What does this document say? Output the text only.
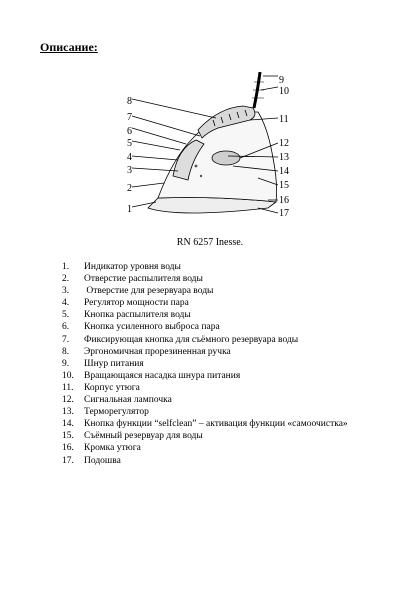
Описание:
1
2
3
4
5
6
7
8
9
10
11
12
13
14
15
16
17
RN 6257 Inesse.
1.	Индикатор уровня воды
2.	Отверстие распылителя воды
3.	Отверстие для резервуара воды
4.	Регулятор мощности пара
5.	Кнопка распылителя воды
6.	Кнопка усиленного выброса пара
7.	Фиксирующая кнопка для съёмного резервуара воды
8.	Эргономичная прорезиненная ручка
9.	Шнур питания
10.	Вращающаяся насадка шнура питания
11.	Корпус утюга
12.	Сигнальная лампочка
13.	Терморегулятор
14.	Кнопка функции “selfclean” – активация функции «самоочистка»
15.	Съёмный резервуар для воды
16.	Кромка утюга
17.	Подошва
